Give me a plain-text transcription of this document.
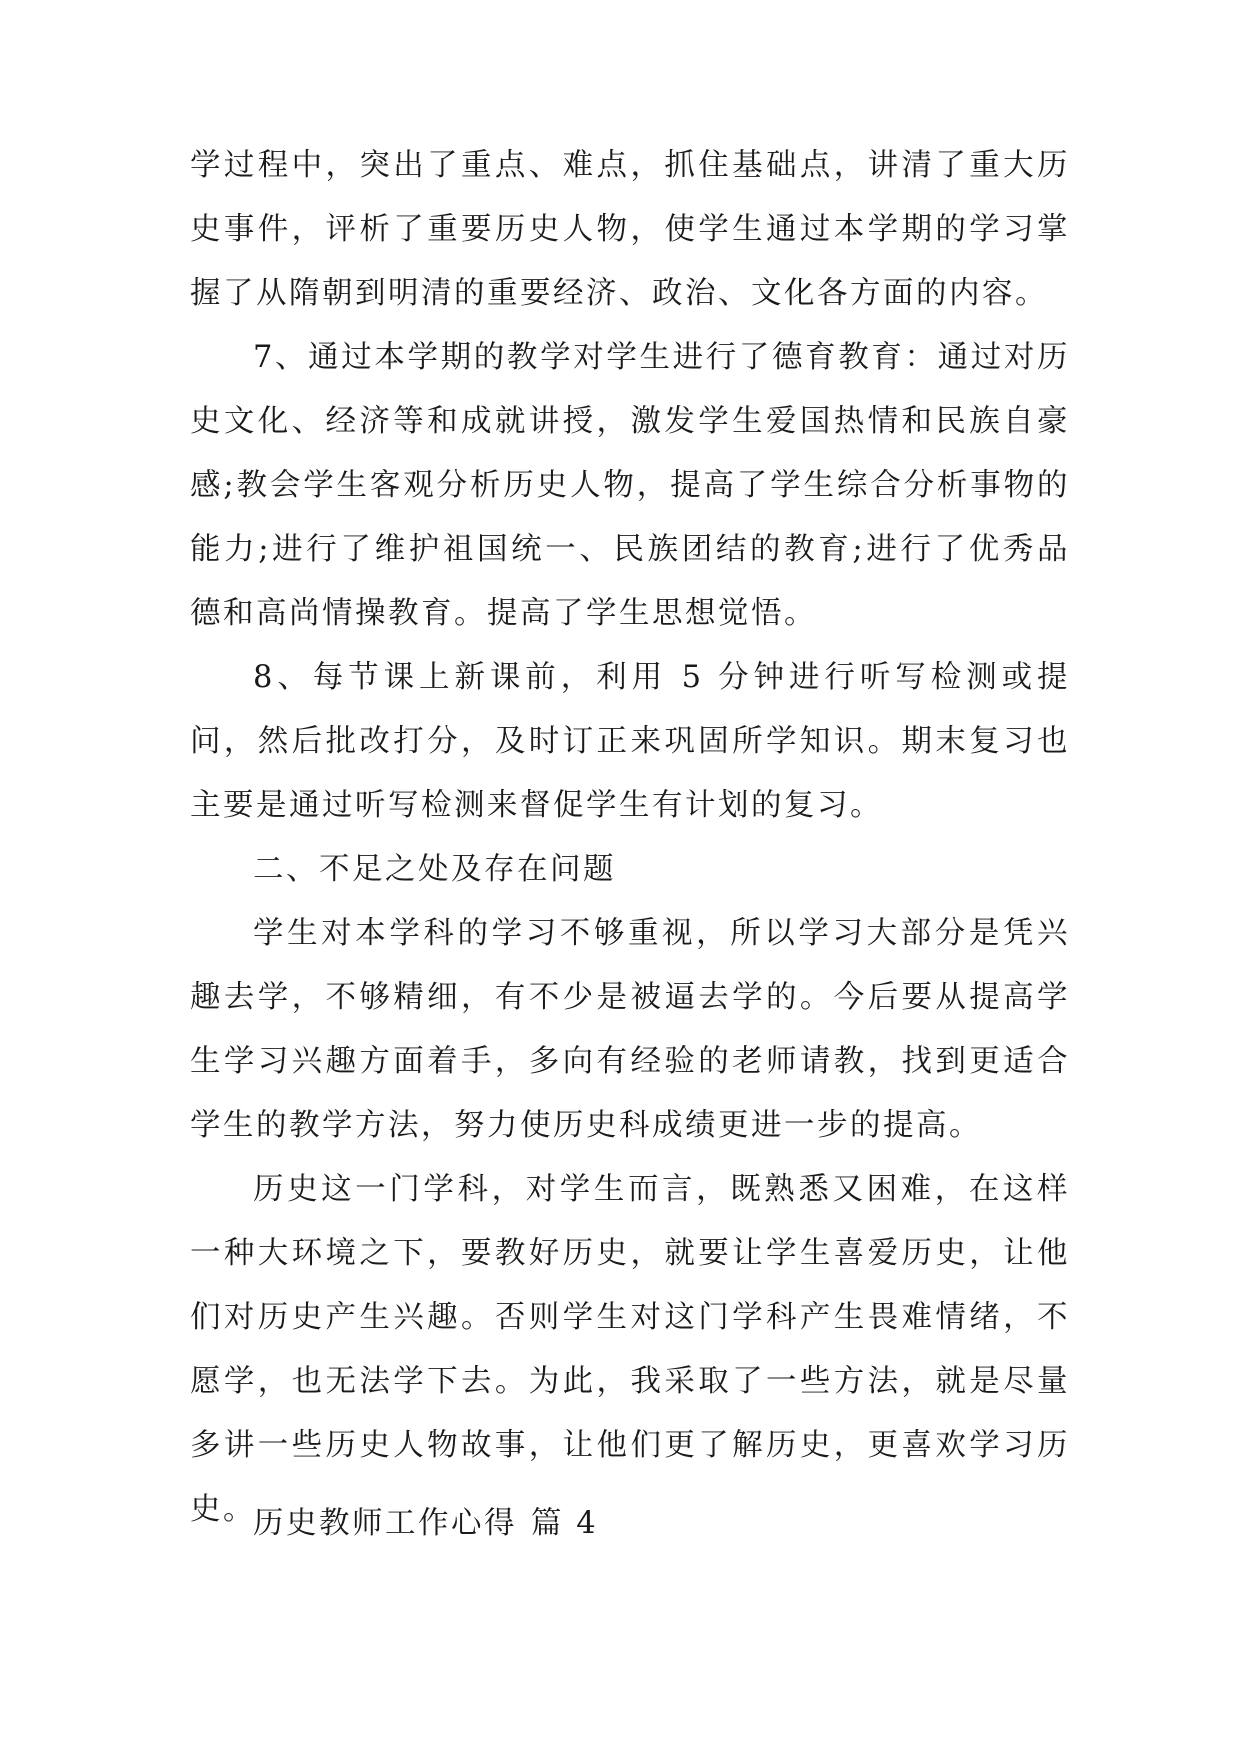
学过程中，突出了重点、难点，抓住基础点，讲清了重大历史事件，评析了重要历史人物，使学生通过本学期的学习掌握了从隋朝到明清的重要经济、政治、文化各方面的内容。

7、通过本学期的教学对学生进行了德育教育：通过对历史文化、经济等和成就讲授，激发学生爱国热情和民族自豪感;教会学生客观分析历史人物，提高了学生综合分析事物的能力;进行了维护祖国统一、民族团结的教育;进行了优秀品德和高尚情操教育。提高了学生思想觉悟。

8、每节课上新课前，利用 5 分钟进行听写检测或提问，然后批改打分，及时订正来巩固所学知识。期末复习也主要是通过听写检测来督促学生有计划的复习。

二、不足之处及存在问题

学生对本学科的学习不够重视，所以学习大部分是凭兴趣去学，不够精细，有不少是被逼去学的。今后要从提高学生学习兴趣方面着手，多向有经验的老师请教，找到更适合学生的教学方法，努力使历史科成绩更进一步的提高。

历史这一门学科，对学生而言，既熟悉又困难，在这样一种大环境之下，要教好历史，就要让学生喜爱历史，让他们对历史产生兴趣。否则学生对这门学科产生畏难情绪，不愿学，也无法学下去。为此，我采取了一些方法，就是尽量多讲一些历史人物故事，让他们更了解历史，更喜欢学习历史。

历史教师工作心得 篇 4
